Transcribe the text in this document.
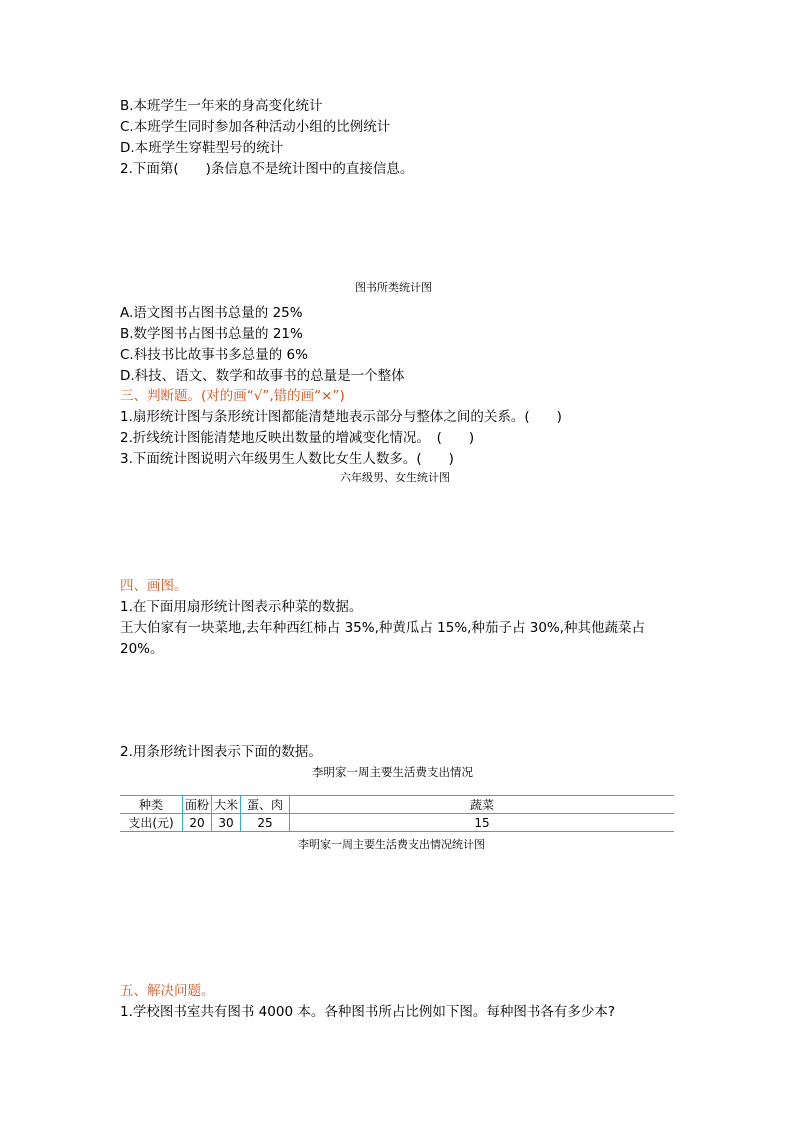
B.本班学生一年来的身高变化统计
C.本班学生同时参加各种活动小组的比例统计
D.本班学生穿鞋型号的统计
2.下面第(　　)条信息不是统计图中的直接信息。
科技
30%
语文
25%
数学
21%
故事
24%
图书所类统计图
A.语文图书占图书总量的 25%
B.数学图书占图书总量的 21%
C.科技书比故事书多总量的 6%
D.科技、语文、数学和故事书的总量是一个整体
三、判断题。(对的画“√”,错的画“×”)
1.扇形统计图与条形统计图都能清楚地表示部分与整体之间的关系。(　　)
2.折线统计图能清楚地反映出数量的增减变化情况。　(　　)
3.下面统计图说明六年级男生人数比女生人数多。(　　)
六年级男、女生统计图
男生
60%
女生
40%
四、画图。
1.在下面用扇形统计图表示种菜的数据。
王大伯家有一块菜地,去年种西红柿占 35%,种黄瓜占 15%,种茄子占 30%,种其他蔬菜占
20%。
2.用条形统计图表示下面的数据。
李明家一周主要生活费支出情况
种类	面粉	大米	蛋、肉	蔬菜
支出(元)	20	30	25	15
李明家一周主要生活费支出情况统计图
0
5
10
15
20
25
30
35
面
粉
大
米
蛋
肉
蔬
菜
五、解决问题。
1.学校图书室共有图书 4000 本。各种图书所占比例如下图。每种图书各有多少本?
